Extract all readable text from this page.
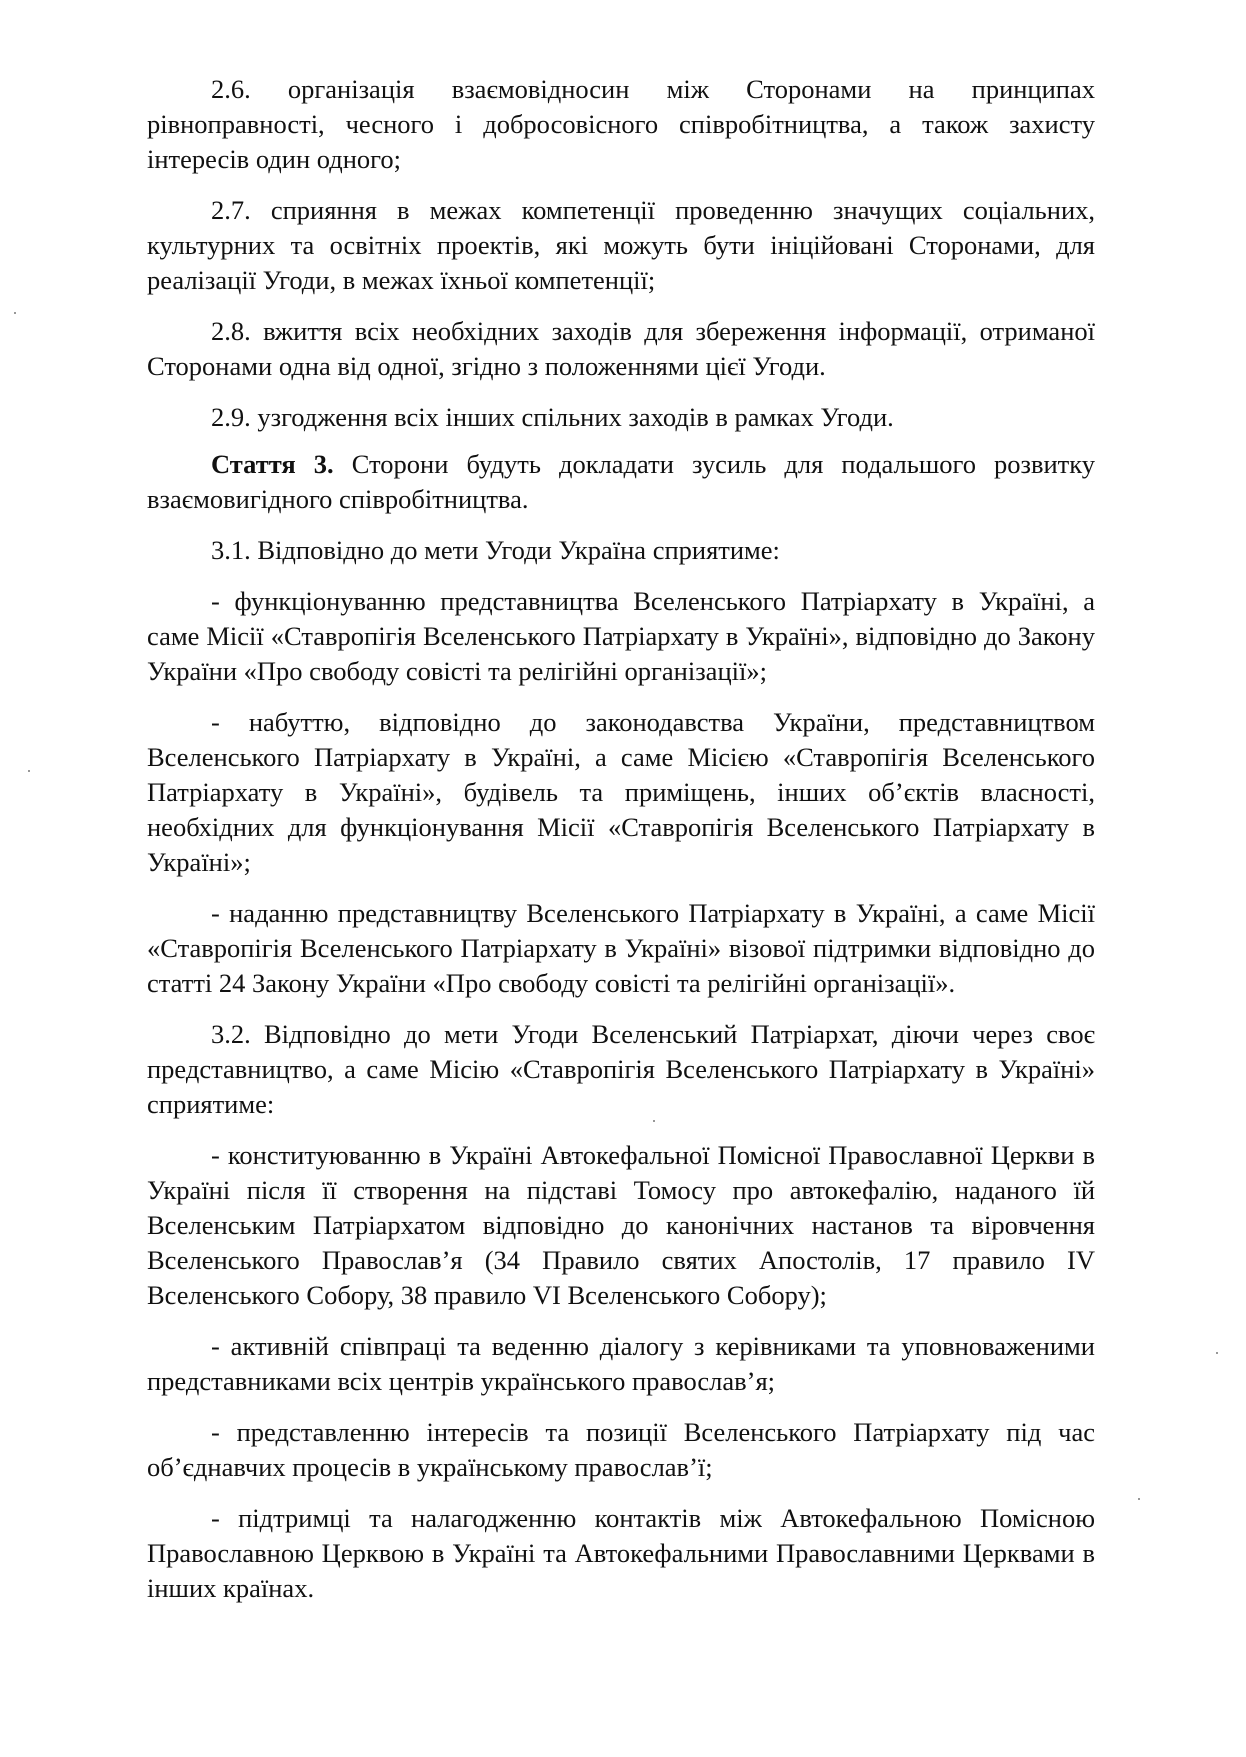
2.6. організація взаємовідносин між Сторонами на принципах рівноправності, чесного і добросовісного співробітництва, а також захисту інтересів один одного;

2.7. сприяння в межах компетенції проведенню значущих соціальних, культурних та освітніх проектів, які можуть бути ініційовані Сторонами, для реалізації Угоди, в межах їхньої компетенції;

2.8. вжиття всіх необхідних заходів для збереження інформації, отриманої Сторонами одна від одної, згідно з положеннями цієї Угоди.

2.9. узгодження всіх інших спільних заходів в рамках Угоди.

Стаття 3. Сторони будуть докладати зусиль для подальшого розвитку взаємовигідного співробітництва.

3.1. Відповідно до мети Угоди Україна сприятиме:

- функціонуванню представництва Вселенського Патріархату в Україні, а саме Місії «Ставропігія Вселенського Патріархату в Україні», відповідно до Закону України «Про свободу совісті та релігійні організації»;

- набуттю, відповідно до законодавства України, представництвом Вселенського Патріархату в Україні, а саме Місією «Ставропігія Вселенського Патріархату в Україні», будівель та приміщень, інших об’єктів власності, необхідних для функціонування Місії «Ставропігія Вселенського Патріархату в Україні»;

- наданню представництву Вселенського Патріархату в Україні, а саме Місії «Ставропігія Вселенського Патріархату в Україні» візової підтримки відповідно до статті 24 Закону України «Про свободу совісті та релігійні організації».

3.2. Відповідно до мети Угоди Вселенський Патріархат, діючи через своє представництво, а саме Місію «Ставропігія Вселенського Патріархату в Україні» сприятиме:

- конституюванню в Україні Автокефальної Помісної Православної Церкви в Україні після її створення на підставі Томосу про автокефалію, наданого їй Вселенським Патріархатом відповідно до канонічних настанов та віровчення Вселенського Православ’я (34 Правило святих Апостолів, 17 правило IV Вселенського Собору, 38 правило VI Вселенського Собору);

- активній співпраці та веденню діалогу з керівниками та уповноваженими представниками всіх центрів українського православ’я;

- представленню інтересів та позиції Вселенського Патріархату під час об’єднавчих процесів в українському православ’ї;

- підтримці та налагодженню контактів між Автокефальною Помісною Православною Церквою в Україні та Автокефальними Православними Церквами в інших країнах.
